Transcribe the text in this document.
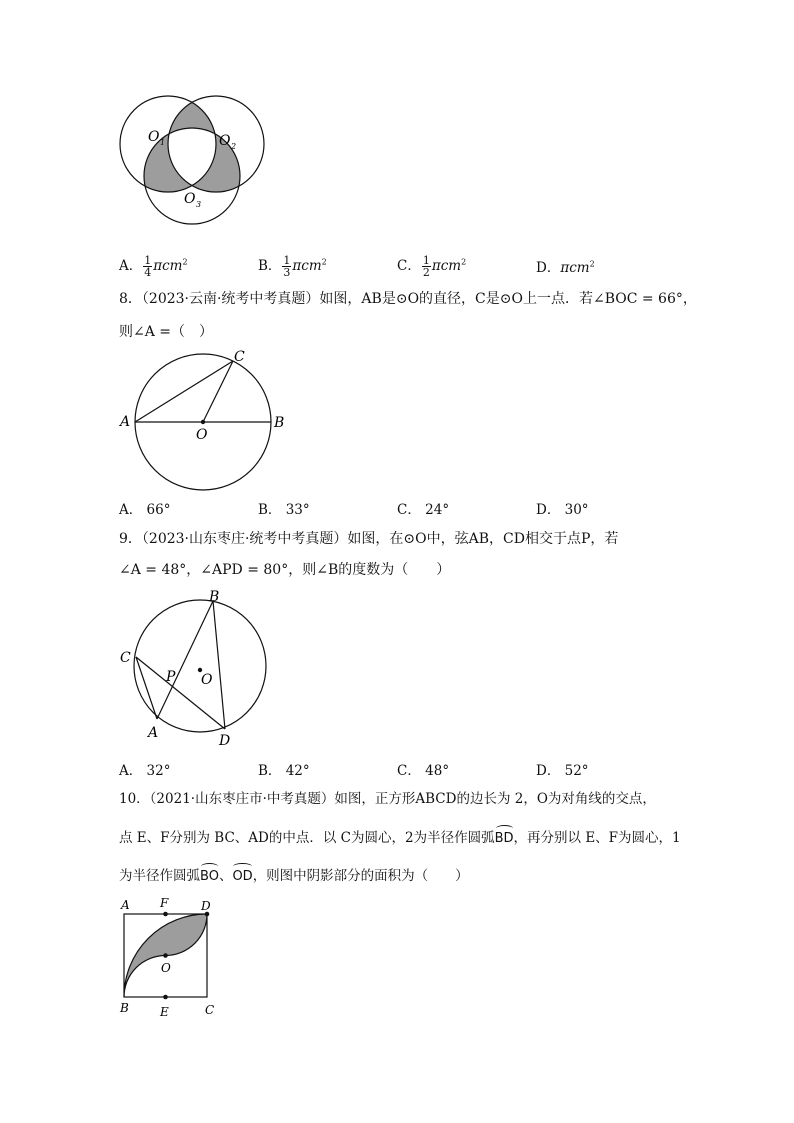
O 1	O 2
O 3
A． $\frac{1}{4} \pi cm^2$	B． $\frac{1}{3} \pi cm^2$	C． $\frac{1}{2} \pi cm^2$	D．πcm$^2$
8．（2023·云南·统考中考真题）如图，AB是⊙O的直径，C是⊙O上一点．若∠BOC = 66°，
则∠A =（　）
A	B
C
O
A． 66°	B． 33°	C． 24°	D． 30°
9．（2023·山东枣庄·统考中考真题）如图，在⊙O中，弦AB，CD相交于点P，若
∠A = 48°，∠APD = 80°，则∠B的度数为（　　）
B
C
P O
A	D
A． 32°	B． 42°	C． 48°	D． 52°
10．（2021·山东枣庄市·中考真题）如图，正方形ABCD的边长为 2，O为对角线的交点，
点 E、F分别为 BC、AD的中点．以 C为圆心，2为半径作圆弧BD，再分别以 E、F为圆心，1
为半径作圆弧BO、OD，则图中阴影部分的面积为（　　）
A	F	D
O
B	E	C
